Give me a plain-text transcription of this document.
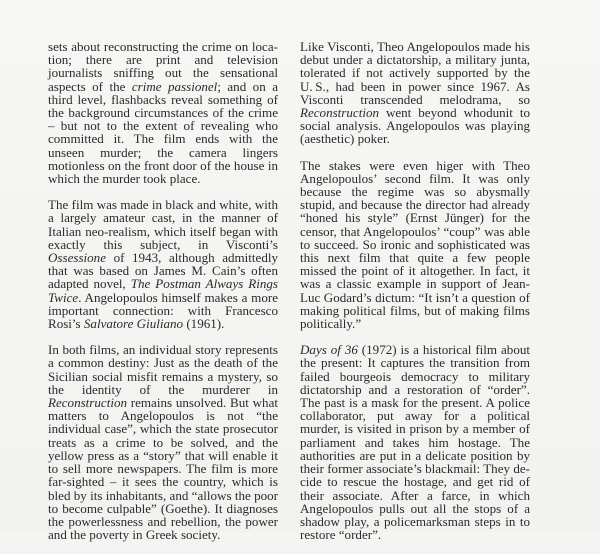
sets about reconstructing the crime on location; there are print and television journalists sniffing out the sensational aspects of the crime passionel; and on a third level, flashbacks reveal something of the background circumstances of the crime – but not to the extent of revealing who committed it. The film ends with the unseen murder; the camera lingers motionless on the front door of the house in which the murder took place.

The film was made in black and white, with a largely amateur cast, in the manner of Italian neo-realism, which itself began with exactly this subject, in Visconti’s Ossessione of 1943, although admittedly that was based on James M. Cain’s often adapted novel, The Postman Always Rings Twice. Angelopoulos himself makes a more important connection: with Francesco Rosi’s Salvatore Giuliano (1961).

In both films, an individual story represents a common destiny: Just as the death of the Sicilian social misfit remains a mystery, so the identity of the murderer in Reconstruction remains unsolved. But what matters to Angelopoulos is not “the individual case”, which the state prosecutor treats as a crime to be solved, and the yellow press as a “story” that will enable it to sell more newspapers. The film is more far-sighted – it sees the country, which is bled by its inhabitants, and “allows the poor to become culpable” (Goethe). It diagnoses the powerlessness and rebellion, the power and the poverty in Greek society.

Like Visconti, Theo Angelopoulos made his debut under a dictatorship, a military junta, tolerated if not actively supported by the U. S., had been in power since 1967. As Visconti transcended melodrama, so Reconstruction went beyond whodunit to social analysis. Angelopoulos was playing (aesthetic) poker.

The stakes were even higer with Theo Angelopoulos’ second film. It was only because the regime was so abysmally stupid, and because the director had already “honed his style” (Ernst Jünger) for the censor, that Angelopoulos’ “coup” was able to succeed. So ironic and sophisticated was this next film that quite a few people missed the point of it altogether. In fact, it was a classic example in support of Jean-Luc Godard’s dictum: “It isn’t a question of making political films, but of making films politically.”

Days of 36 (1972) is a historical film about the present: It captures the transition from failed bourgeois democracy to military dictatorship and a restoration of “order”. The past is a mask for the present. A police collaborator, put away for a political murder, is visited in prison by a member of parliament and takes him hostage. The authorities are put in a delicate position by their former associate’s blackmail: They decide to rescue the hostage, and get rid of their associate. After a farce, in which Angelopoulos pulls out all the stops of a shadow play, a policemarksman steps in to restore “order”.
